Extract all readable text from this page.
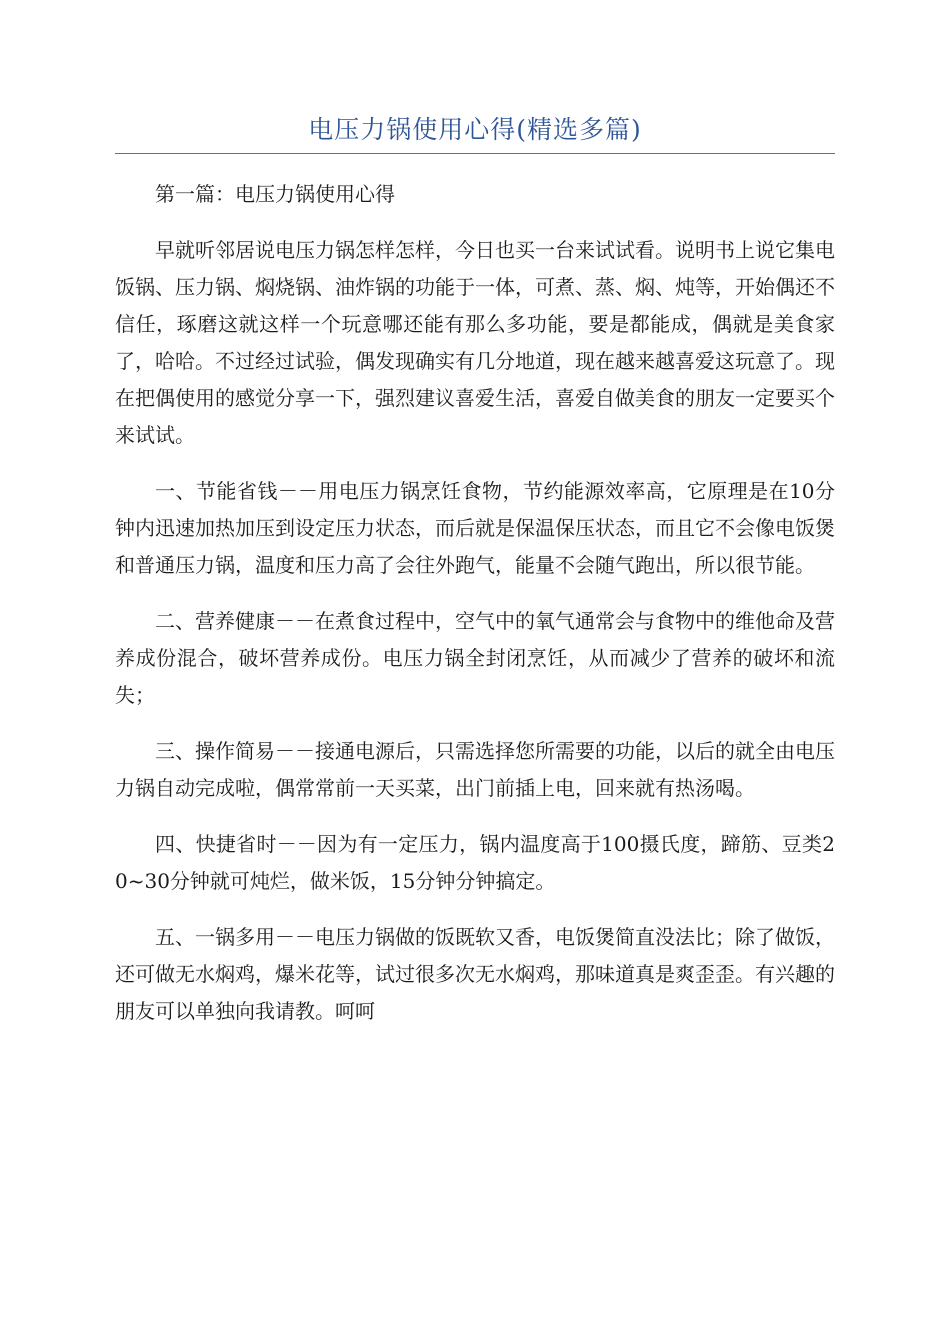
电压力锅使用心得(精选多篇)

第一篇：电压力锅使用心得

早就听邻居说电压力锅怎样怎样，今日也买一台来试试看。说明书上说它集电饭锅、压力锅、焖烧锅、油炸锅的功能于一体，可煮、蒸、焖、炖等，开始偶还不信任，琢磨这就这样一个玩意哪还能有那么多功能，要是都能成，偶就是美食家了，哈哈。不过经过试验，偶发现确实有几分地道，现在越来越喜爱这玩意了。现在把偶使用的感觉分享一下，强烈建议喜爱生活，喜爱自做美食的朋友一定要买个来试试。

一、节能省钱－－用电压力锅烹饪食物，节约能源效率高，它原理是在10分钟内迅速加热加压到设定压力状态，而后就是保温保压状态，而且它不会像电饭煲和普通压力锅，温度和压力高了会往外跑气，能量不会随气跑出，所以很节能。

二、营养健康－－在煮食过程中，空气中的氧气通常会与食物中的维他命及营养成份混合，破坏营养成份。电压力锅全封闭烹饪，从而减少了营养的破坏和流失；

三、操作简易－－接通电源后，只需选择您所需要的功能，以后的就全由电压力锅自动完成啦，偶常常前一天买菜，出门前插上电，回来就有热汤喝。

四、快捷省时－－因为有一定压力，锅内温度高于100摄氏度，蹄筋、豆类20~30分钟就可炖烂，做米饭，15分钟分钟搞定。

五、一锅多用－－电压力锅做的饭既软又香，电饭煲简直没法比；除了做饭，还可做无水焖鸡，爆米花等，试过很多次无水焖鸡，那味道真是爽歪歪。有兴趣的朋友可以单独向我请教。呵呵
